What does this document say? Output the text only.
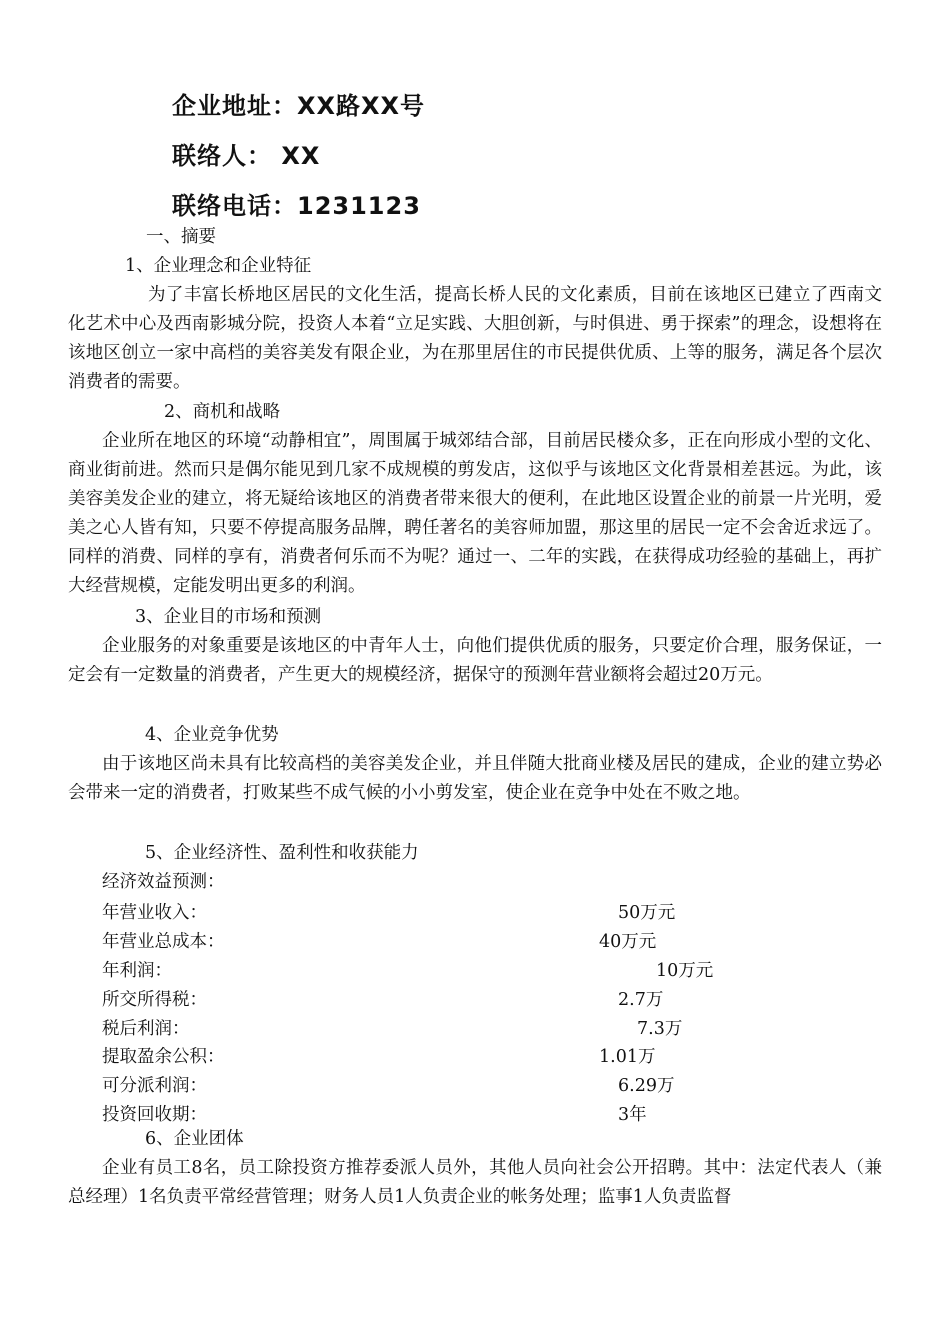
企业地址：XX路XX号
联络人： XX
联络电话：1231123
一、摘要
1、企业理念和企业特征
为了丰富长桥地区居民的文化生活，提高长桥人民的文化素质，目前在该地区已建立了西南文化艺术中心及西南影城分院，投资人本着“立足实践、大胆创新，与时俱进、勇于探索”的理念，设想将在该地区创立一家中高档的美容美发有限企业，为在那里居住的市民提供优质、上等的服务，满足各个层次消费者的需要。
2、商机和战略
企业所在地区的环境“动静相宜”，周围属于城郊结合部，目前居民楼众多，正在向形成小型的文化、商业街前进。然而只是偶尔能见到几家不成规模的剪发店，这似乎与该地区文化背景相差甚远。为此，该美容美发企业的建立，将无疑给该地区的消费者带来很大的便利，在此地区设置企业的前景一片光明，爱美之心人皆有知，只要不停提高服务品牌，聘任著名的美容师加盟，那这里的居民一定不会舍近求远了。同样的消费、同样的享有，消费者何乐而不为呢？通过一、二年的实践，在获得成功经验的基础上，再扩大经营规模，定能发明出更多的利润。
3、企业目的市场和预测
企业服务的对象重要是该地区的中青年人士，向他们提供优质的服务，只要定价合理，服务保证，一定会有一定数量的消费者，产生更大的规模经济，据保守的预测年营业额将会超过20万元。
4、企业竞争优势
由于该地区尚未具有比较高档的美容美发企业，并且伴随大批商业楼及居民的建成，企业的建立势必会带来一定的消费者，打败某些不成气候的小小剪发室，使企业在竞争中处在不败之地。
5、企业经济性、盈利性和收获能力
经济效益预测：
年营业收入：	50万元
年营业总成本：	40万元
年利润：	10万元
所交所得税：	2.7万
税后利润：	7.3万
提取盈余公积：	1.01万
可分派利润：	6.29万
投资回收期：	3年
6、企业团体
企业有员工8名，员工除投资方推荐委派人员外，其他人员向社会公开招聘。其中：法定代表人（兼总经理）1名负责平常经营管理；财务人员1人负责企业的帐务处理；监事1人负责监督
